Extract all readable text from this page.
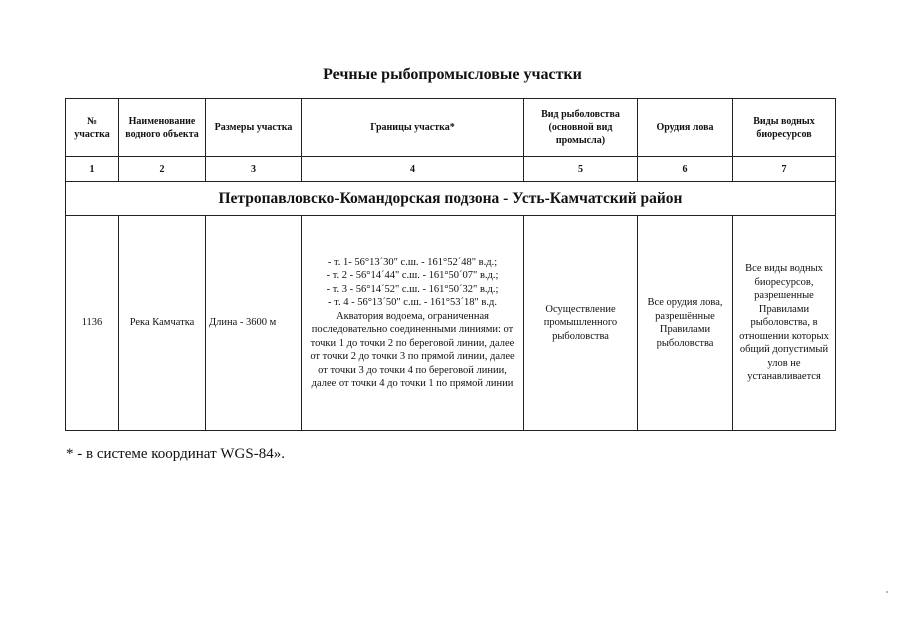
Речные рыбопромысловые участки
№ участка	Наименование водного объекта	Размеры участка	Границы участка*	Вид рыболовства (основной вид промысла)	Орудия лова	Виды водных биоресурсов
1	2	3	4	5	6	7
Петропавловско-Командорская подзона - Усть-Камчатский район						
1136	Река Камчатка	Длина - 3600 м	- т. 1- 56°13´30" с.ш. - 161°52´48" в.д.;
- т. 2 - 56°14´44" с.ш. - 161°50´07" в.д.;
- т. 3 - 56°14´52" с.ш. - 161°50´32" в.д.;
- т. 4 - 56°13´50" с.ш. - 161°53´18" в.д.
Акватория водоема, ограниченная последовательно соединенными линиями: от точки 1 до точки 2 по береговой линии, далее от точки 2 до точки 3 по прямой линии, далее от точки 3 до точки 4 по береговой линии, далее от точки 4 до точки 1 по прямой линии	Осуществление промышленного рыболовства	Все орудия лова, разрешённые Правилами рыболовства	Все виды водных биоресурсов, разрешенные Правилами рыболовства, в отношении которых общий допустимый улов не устанавливается
* - в системе координат WGS-84».
